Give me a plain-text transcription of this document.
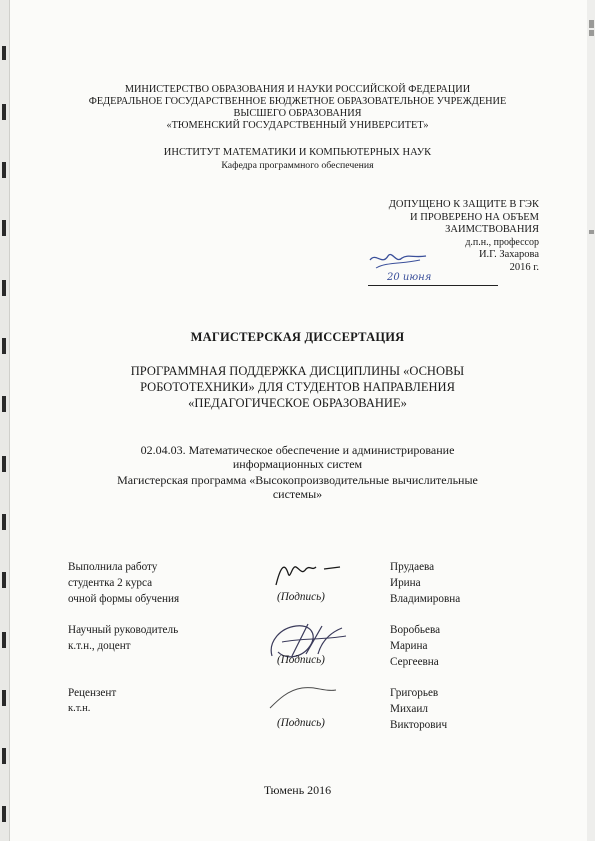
МИНИСТЕРСТВО ОБРАЗОВАНИЯ И НАУКИ РОССИЙСКОЙ ФЕДЕРАЦИИ
ФЕДЕРАЛЬНОЕ ГОСУДАРСТВЕННОЕ БЮДЖЕТНОЕ ОБРАЗОВАТЕЛЬНОЕ УЧРЕЖДЕНИЕ
ВЫСШЕГО ОБРАЗОВАНИЯ
«ТЮМЕНСКИЙ ГОСУДАРСТВЕННЫЙ УНИВЕРСИТЕТ»
ИНСТИТУТ МАТЕМАТИКИ И КОМПЬЮТЕРНЫХ НАУК
Кафедра программного обеспечения
ДОПУЩЕНО К ЗАЩИТЕ В ГЭК
И ПРОВЕРЕНО НА ОБЪЕМ
ЗАИМСТВОВАНИЯ
д.п.н., профессор
И.Г. Захарова
2016 г.
20 июня
МАГИСТЕРСКАЯ ДИССЕРТАЦИЯ
ПРОГРАММНАЯ ПОДДЕРЖКА ДИСЦИПЛИНЫ «ОСНОВЫ
РОБОТОТЕХНИКИ» ДЛЯ СТУДЕНТОВ НАПРАВЛЕНИЯ
«ПЕДАГОГИЧЕСКОЕ ОБРАЗОВАНИЕ»
02.04.03. Математическое обеспечение и администрирование
информационных систем
Магистерская программа «Высокопроизводительные вычислительные
системы»
Выполнила работу
студентка 2 курса
очной формы обучения	(Подпись)
Прудаева
Ирина
Владимировна
Научный руководитель
к.т.н., доцент
(Подпись)
Воробьева
Марина
Сергеевна
Рецензент
к.т.н.
(Подпись)
Григорьев
Михаил
Викторович
Тюмень 2016
